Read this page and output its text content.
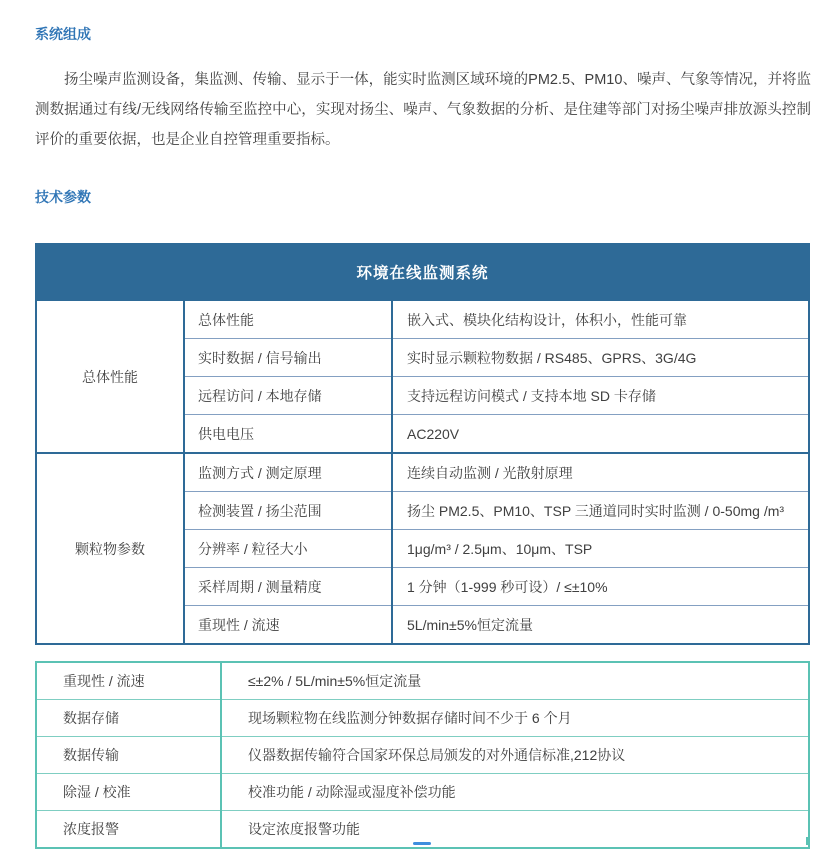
系统组成

扬尘噪声监测设备，集监测、传输、显示于一体，能实时监测区域环境的PM2.5、PM10、噪声、气象等情况，并将监测数据通过有线/无线网络传输至监控中心，实现对扬尘、噪声、气象数据的分析、是住建等部门对扬尘噪声排放源头控制评价的重要依据，也是企业自控管理重要指标。

技术参数
环境在线监测系统		
总体性能	总体性能	嵌入式、模块化结构设计，体积小，性能可靠
	实时数据 / 信号输出	实时显示颗粒物数据 / RS485、GPRS、3G/4G
	远程访问 / 本地存储	支持远程访问模式 / 支持本地 SD 卡存储
	供电电压	AC220V
颗粒物参数	监测方式 / 测定原理	连续自动监测 / 光散射原理
	检测装置 / 扬尘范围	扬尘 PM2.5、PM10、TSP 三通道同时实时监测 / 0-50mg /m³
	分辨率 / 粒径大小	1μg/m³ / 2.5μm、10μm、TSP
	采样周期 / 测量精度	1 分钟（1-999 秒可设）/ ≤±10%
	重现性 / 流速	5L/min±5%恒定流量
重现性 / 流速	≤±2% / 5L/min±5%恒定流量
数据存储	现场颗粒物在线监测分钟数据存储时间不少于 6 个月
数据传输	仪器数据传输符合国家环保总局颁发的对外通信标准,212协议
除湿 / 校准	校准功能 / 动除湿或湿度补偿功能
浓度报警	设定浓度报警功能
